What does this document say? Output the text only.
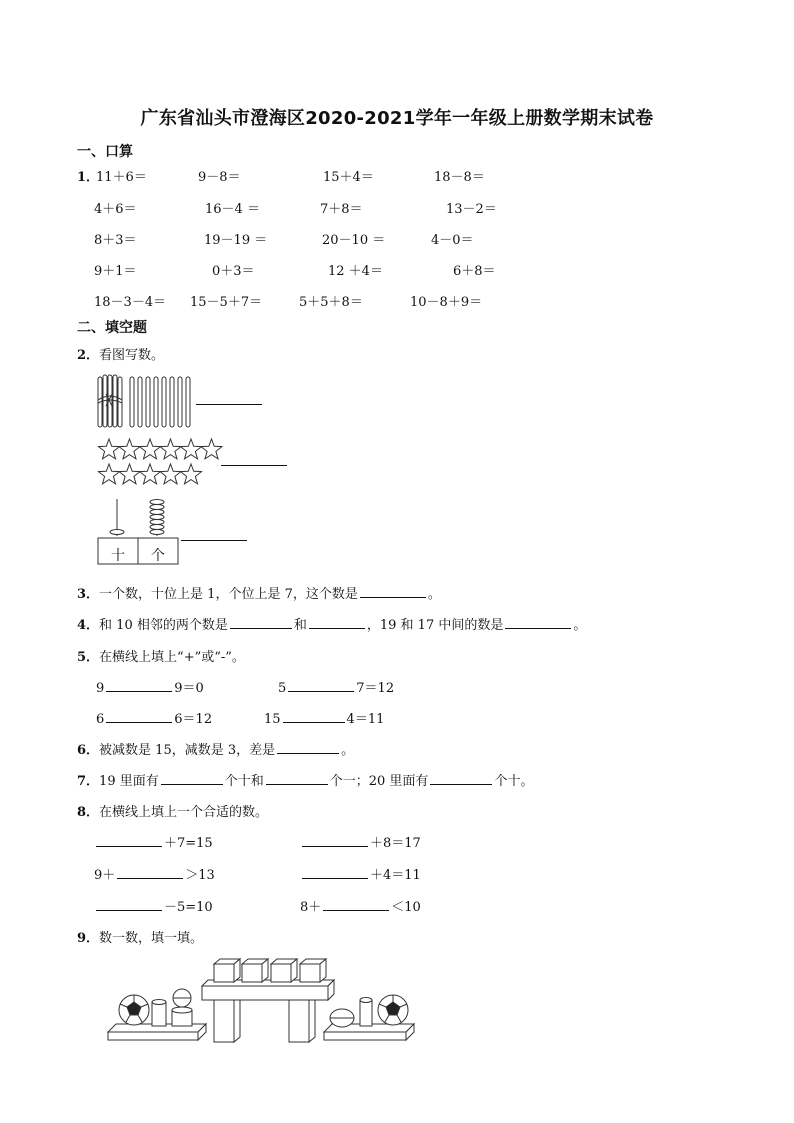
广东省汕头市澄海区2020-2021学年一年级上册数学期末试卷
一、口算
1．
11＋6＝	9－8＝	15＋4＝	18－8＝
4＋6＝	16－4 ＝	7＋8＝	13－2＝
8＋3＝	19－19 ＝	20－10 ＝	4－0＝
9＋1＝	0＋3＝	12 ＋4＝	6＋8＝
18－3－4＝ 15－5＋7＝	5＋5＋8＝	10－8＋9＝
二、填空题
2．看图写数。
十 个
3．一个数，十位上是 1，个位上是 7，这个数是	。
4．和 10 相邻的两个数是	和	，19 和 17 中间的数是	。
5．在横线上填上“+”或“-”。
9	9＝0	5	7＝12
6	6＝12	15	4＝11
6．被减数是 15，减数是 3，差是	。
7．19 里面有	个十和	个一；20 里面有	个十。
8．在横线上填上一个合适的数。
＋7=15	＋8＝17
9＋	＞13	＋4＝11
－5=10	8＋	＜10
9．数一数，填一填。
